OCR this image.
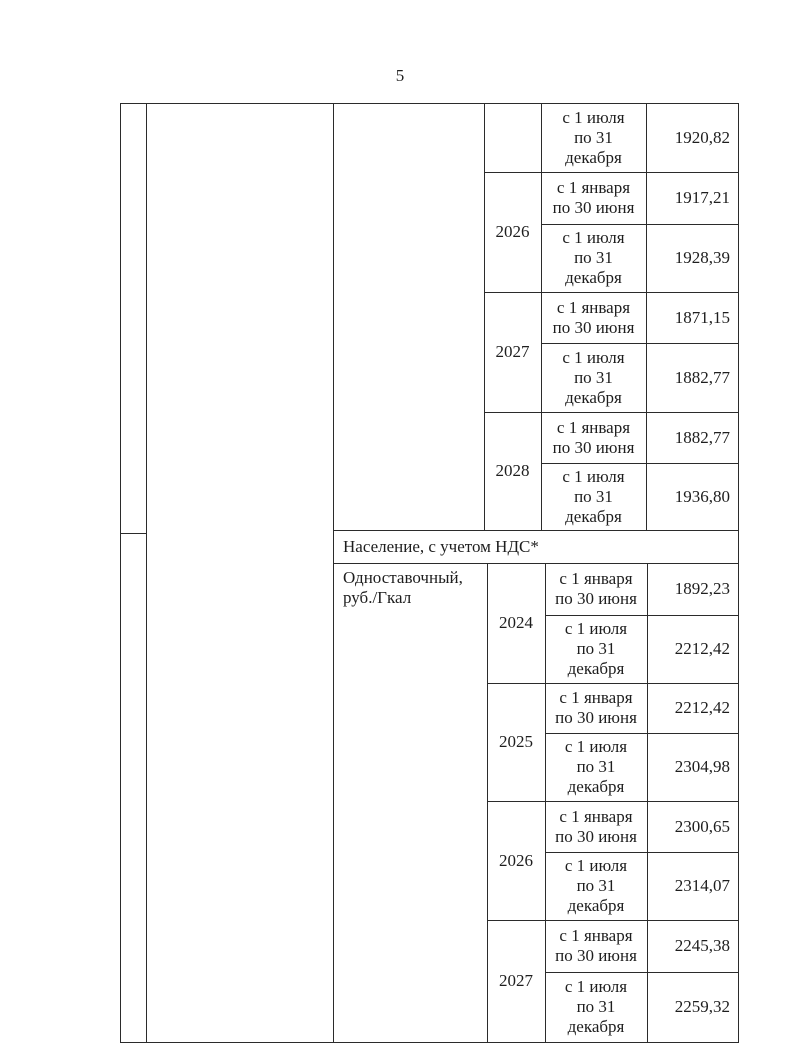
5
Население, с учетом НДС*
Одноставочный,
руб./Гкал
2026
2027
2028
с 1 июля
по 31
декабря
1920,82
с 1 января
по 30 июня
1917,21
с 1 июля
по 31
декабря
1928,39
с 1 января
по 30 июня
1871,15
с 1 июля
по 31
декабря
1882,77
с 1 января
по 30 июня
1882,77
с 1 июля
по 31
декабря
1936,80
2024
2025
2026
2027
с 1 января
по 30 июня
1892,23
с 1 июля
по 31
декабря
2212,42
с 1 января
по 30 июня
2212,42
с 1 июля
по 31
декабря
2304,98
с 1 января
по 30 июня
2300,65
с 1 июля
по 31
декабря
2314,07
с 1 января
по 30 июня
2245,38
с 1 июля
по 31
декабря
2259,32
